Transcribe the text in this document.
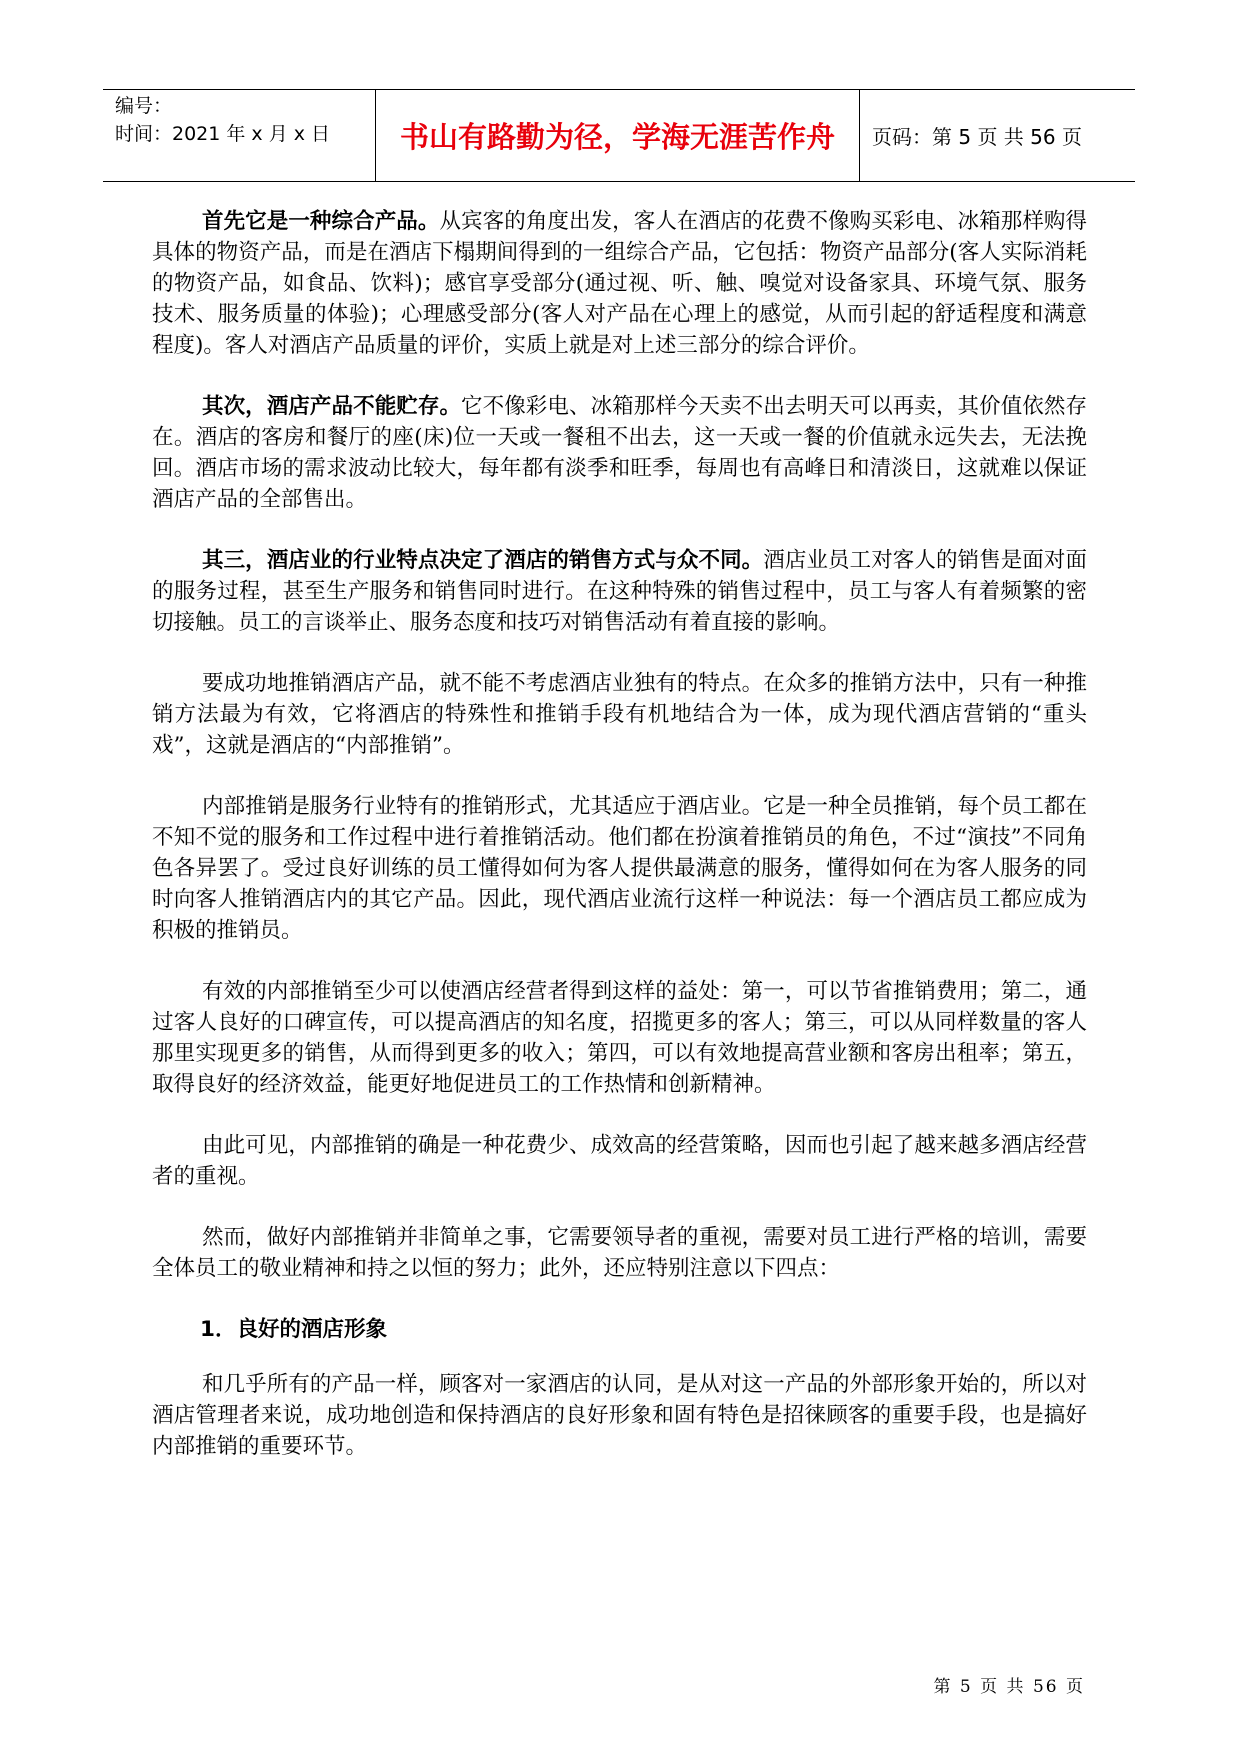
编号：
时间：2021 年 x 月 x 日	书山有路勤为径，学海无涯苦作舟 页码：第 5 页 共 56 页

首先它是一种综合产品。从宾客的角度出发，客人在酒店的花费不像购买彩电、冰箱那样购得具体的物资产品，而是在酒店下榻期间得到的一组综合产品，它包括：物资产品部分(客人实际消耗的物资产品，如食品、饮料)；感官享受部分(通过视、听、触、嗅觉对设备家具、环境气氛、服务技术、服务质量的体验)；心理感受部分(客人对产品在心理上的感觉，从而引起的舒适程度和满意程度)。客人对酒店产品质量的评价，实质上就是对上述三部分的综合评价。

其次，酒店产品不能贮存。它不像彩电、冰箱那样今天卖不出去明天可以再卖，其价值依然存在。酒店的客房和餐厅的座(床)位一天或一餐租不出去，这一天或一餐的价值就永远失去，无法挽回。酒店市场的需求波动比较大，每年都有淡季和旺季，每周也有高峰日和清淡日，这就难以保证酒店产品的全部售出。

其三，酒店业的行业特点决定了酒店的销售方式与众不同。酒店业员工对客人的销售是面对面的服务过程，甚至生产服务和销售同时进行。在这种特殊的销售过程中，员工与客人有着频繁的密切接触。员工的言谈举止、服务态度和技巧对销售活动有着直接的影响。

要成功地推销酒店产品，就不能不考虑酒店业独有的特点。在众多的推销方法中，只有一种推销方法最为有效，它将酒店的特殊性和推销手段有机地结合为一体，成为现代酒店营销的“重头戏”，这就是酒店的“内部推销”。

内部推销是服务行业特有的推销形式，尤其适应于酒店业。它是一种全员推销，每个员工都在不知不觉的服务和工作过程中进行着推销活动。他们都在扮演着推销员的角色，不过“演技”不同角色各异罢了。受过良好训练的员工懂得如何为客人提供最满意的服务，懂得如何在为客人服务的同时向客人推销酒店内的其它产品。因此，现代酒店业流行这样一种说法：每一个酒店员工都应成为积极的推销员。

有效的内部推销至少可以使酒店经营者得到这样的益处：第一，可以节省推销费用；第二，通过客人良好的口碑宣传，可以提高酒店的知名度，招揽更多的客人；第三，可以从同样数量的客人那里实现更多的销售，从而得到更多的收入；第四，可以有效地提高营业额和客房出租率；第五，取得良好的经济效益，能更好地促进员工的工作热情和创新精神。

由此可见，内部推销的确是一种花费少、成效高的经营策略，因而也引起了越来越多酒店经营者的重视。

然而，做好内部推销并非简单之事，它需要领导者的重视，需要对员工进行严格的培训，需要全体员工的敬业精神和持之以恒的努力；此外，还应特别注意以下四点：

1．良好的酒店形象

和几乎所有的产品一样，顾客对一家酒店的认同，是从对这一产品的外部形象开始的，所以对酒店管理者来说，成功地创造和保持酒店的良好形象和固有特色是招徕顾客的重要手段，也是搞好内部推销的重要环节。

第 5 页 共 56 页
